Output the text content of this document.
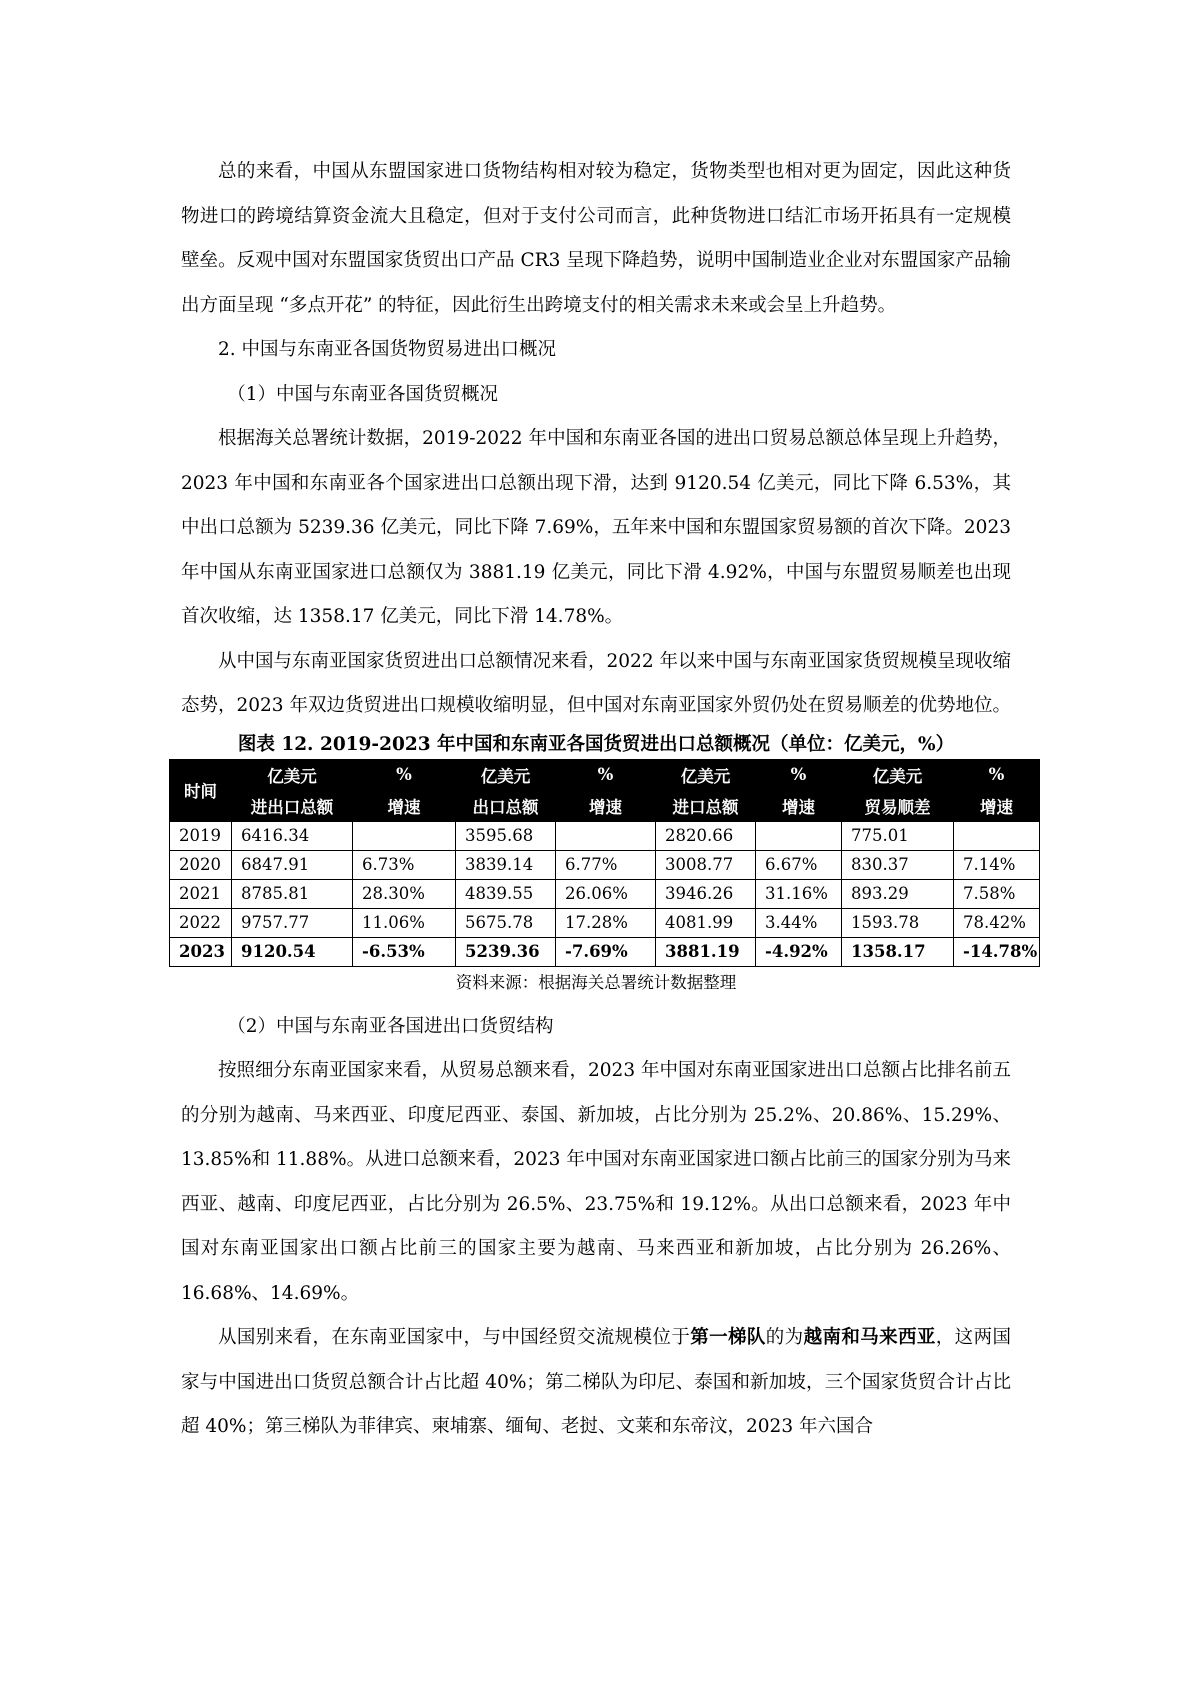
总的来看，中国从东盟国家进口货物结构相对较为稳定，货物类型也相对更为固定，因此这种货物进口的跨境结算资金流大且稳定，但对于支付公司而言，此种货物进口结汇市场开拓具有一定规模壁垒。反观中国对东盟国家货贸出口产品 CR3 呈现下降趋势，说明中国制造业企业对东盟国家产品输出方面呈现 “多点开花” 的特征，因此衍生出跨境支付的相关需求未来或会呈上升趋势。

2. 中国与东南亚各国货物贸易进出口概况

（1）中国与东南亚各国货贸概况

根据海关总署统计数据，2019-2022 年中国和东南亚各国的进出口贸易总额总体呈现上升趋势，2023 年中国和东南亚各个国家进出口总额出现下滑，达到 9120.54 亿美元，同比下降 6.53%，其中出口总额为 5239.36 亿美元，同比下降 7.69%，五年来中国和东盟国家贸易额的首次下降。2023 年中国从东南亚国家进口总额仅为 3881.19 亿美元，同比下滑 4.92%，中国与东盟贸易顺差也出现首次收缩，达 1358.17 亿美元，同比下滑 14.78%。

从中国与东南亚国家货贸进出口总额情况来看，2022 年以来中国与东南亚国家货贸规模呈现收缩态势，2023 年双边货贸进出口规模收缩明显，但中国对东南亚国家外贸仍处在贸易顺差的优势地位。

图表 12. 2019-2023 年中国和东南亚各国货贸进出口总额概况（单位：亿美元，%）
时间	亿美元	%	亿美元	%	亿美元	%	亿美元	%
	进出口总额	增速	出口总额	增速	进口总额	增速	贸易顺差	增速
2019	6416.34		3595.68		2820.66		775.01	
2020	6847.91	6.73%	3839.14	6.77%	3008.77	6.67%	830.37	7.14%
2021	8785.81	28.30%	4839.55	26.06%	3946.26	31.16%	893.29	7.58%
2022	9757.77	11.06%	5675.78	17.28%	4081.99	3.44%	1593.78	78.42%
2023	9120.54	-6.53%	5239.36	-7.69%	3881.19	-4.92%	1358.17	-14.78%
资料来源：根据海关总署统计数据整理

（2）中国与东南亚各国进出口货贸结构

按照细分东南亚国家来看，从贸易总额来看，2023 年中国对东南亚国家进出口总额占比排名前五的分别为越南、马来西亚、印度尼西亚、泰国、新加坡，占比分别为 25.2%、20.86%、15.29%、13.85%和 11.88%。从进口总额来看，2023 年中国对东南亚国家进口额占比前三的国家分别为马来西亚、越南、印度尼西亚，占比分别为 26.5%、23.75%和 19.12%。从出口总额来看，2023 年中国对东南亚国家出口额占比前三的国家主要为越南、马来西亚和新加坡，占比分别为 26.26%、16.68%、14.69%。

从国别来看，在东南亚国家中，与中国经贸交流规模位于第一梯队的为越南和马来西亚，这两国家与中国进出口货贸总额合计占比超 40%；第二梯队为印尼、泰国和新加坡，三个国家货贸合计占比超 40%；第三梯队为菲律宾、柬埔寨、缅甸、老挝、文莱和东帝汶，2023 年六国合
